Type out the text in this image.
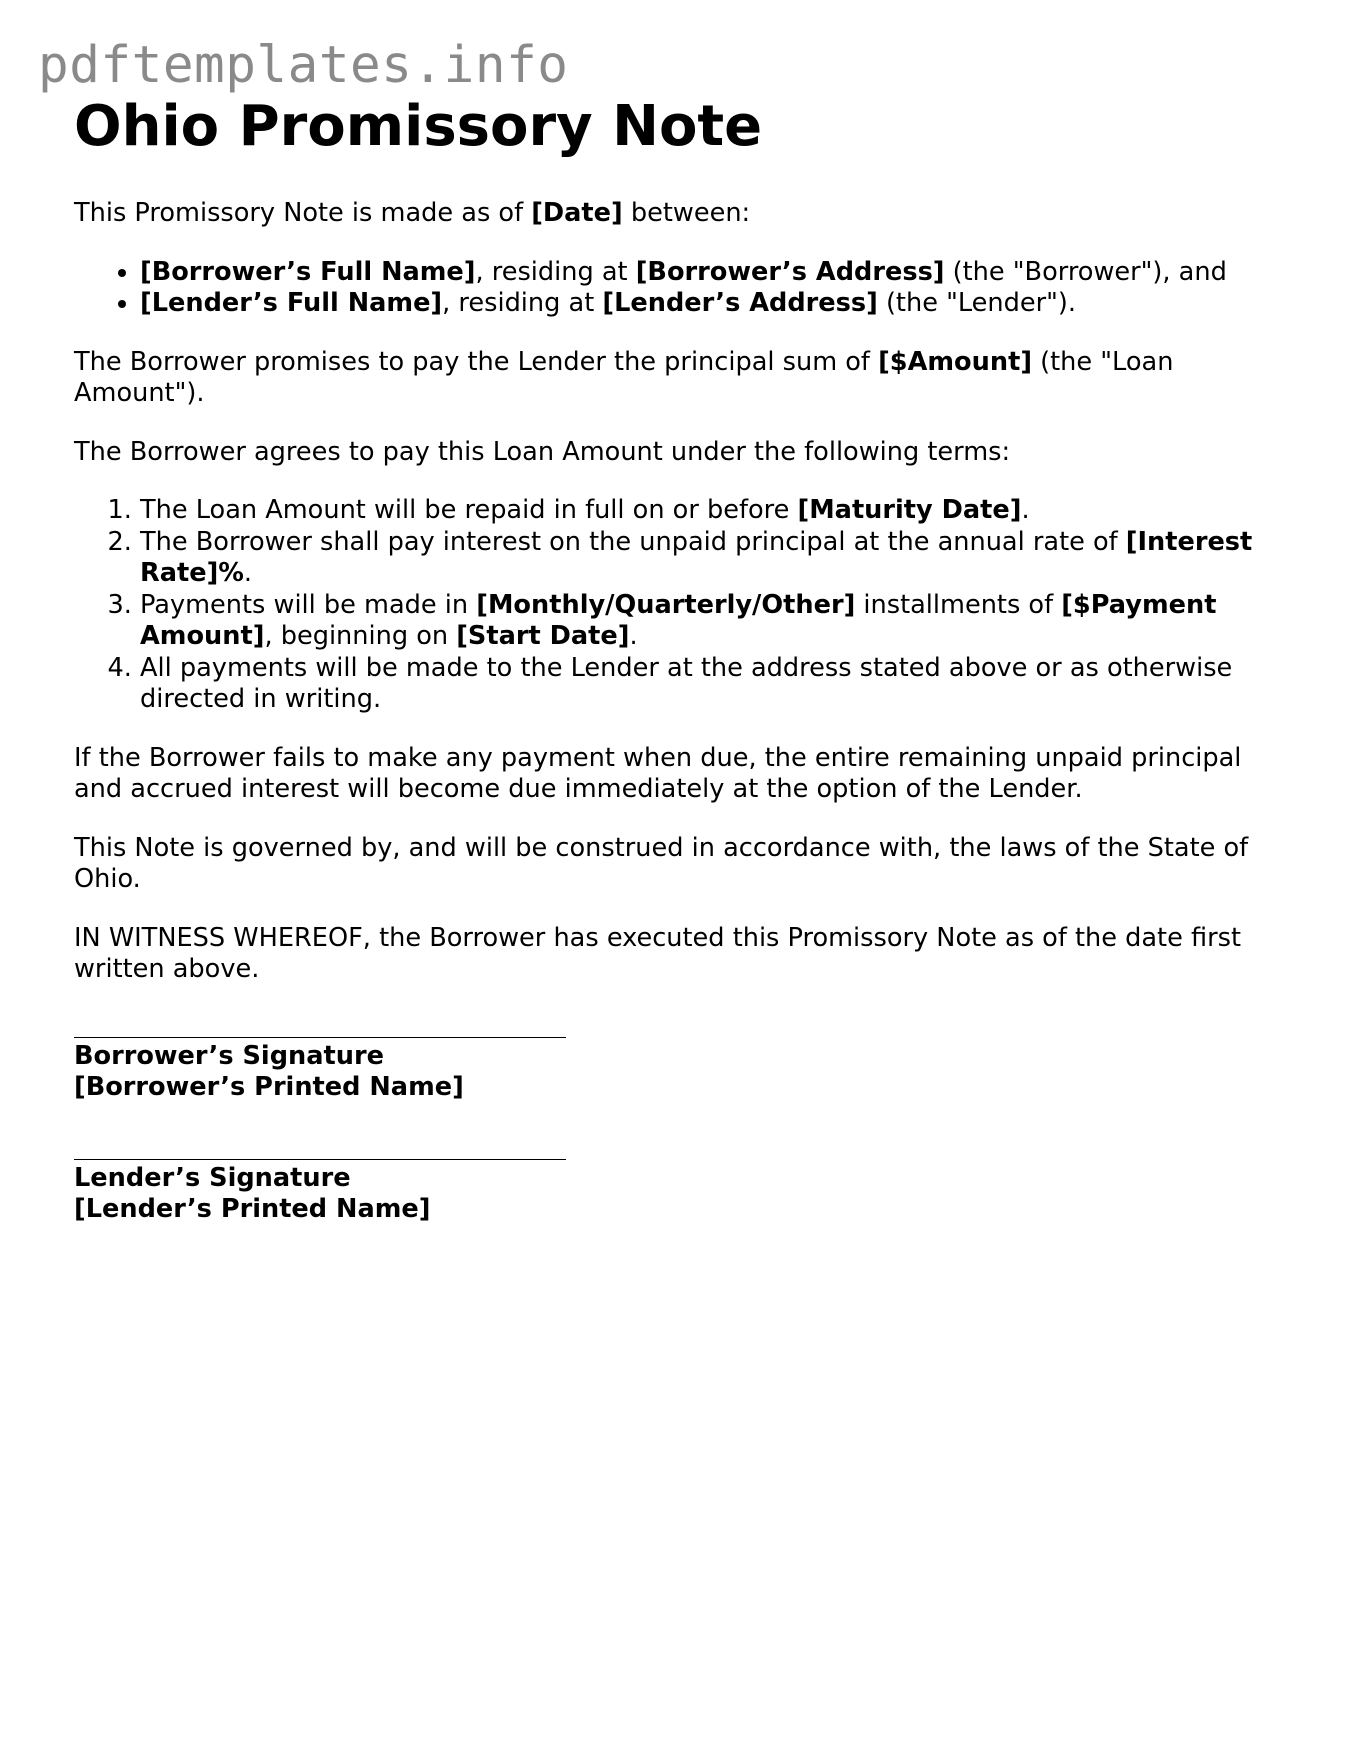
pdftemplates.info
Ohio Promissory Note

This Promissory Note is made as of [Date] between:

• [Borrower’s Full Name], residing at [Borrower’s Address] (the "Borrower"), and
• [Lender’s Full Name], residing at [Lender’s Address] (the "Lender").

The Borrower promises to pay the Lender the principal sum of [$Amount] (the "Loan Amount").

The Borrower agrees to pay this Loan Amount under the following terms:

1. The Loan Amount will be repaid in full on or before [Maturity Date].
2. The Borrower shall pay interest on the unpaid principal at the annual rate of [Interest Rate]%.
3. Payments will be made in [Monthly/Quarterly/Other] installments of [$Payment Amount], beginning on [Start Date].
4. All payments will be made to the Lender at the address stated above or as otherwise directed in writing.

If the Borrower fails to make any payment when due, the entire remaining unpaid principal and accrued interest will become due immediately at the option of the Lender.

This Note is governed by, and will be construed in accordance with, the laws of the State of Ohio.

IN WITNESS WHEREOF, the Borrower has executed this Promissory Note as of the date first written above.

Borrower’s Signature
[Borrower’s Printed Name]
Lender’s Signature
[Lender’s Printed Name]
